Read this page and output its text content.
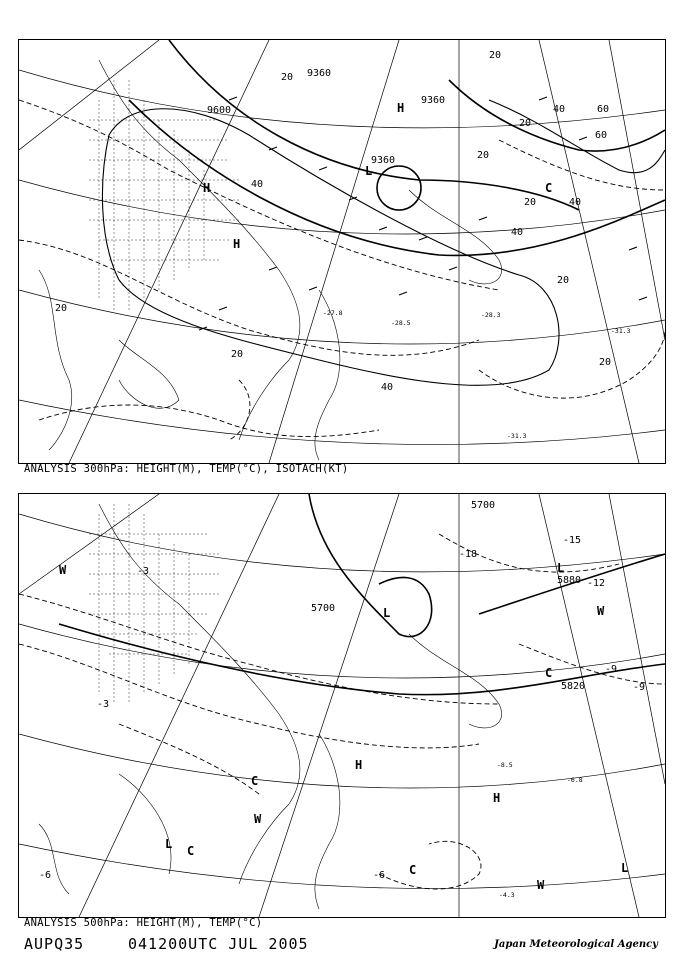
9360
9360
9360
9600
20
20
20
20
20
20
20
20
20
40
40
40
40
60
60
40
H
H
H
L
C
-31.3
-28.3
-27.8
-28.5
-31.3
ANALYSIS 300hPa: HEIGHT(M), TEMP(°C), ISOTACH(KT)
5700
5820
5700
5880
-18
-15
-12
-9
-9
-6	-6
-3
-3
W
W
W
W
H
H
L
L
L
L
C
C
C
C
-6.8
-4.3
-8.5
ANALYSIS 500hPa: HEIGHT(M), TEMP(°C)
AUPQ35	041200UTC JUL 2005	Japan Meteorological Agency
